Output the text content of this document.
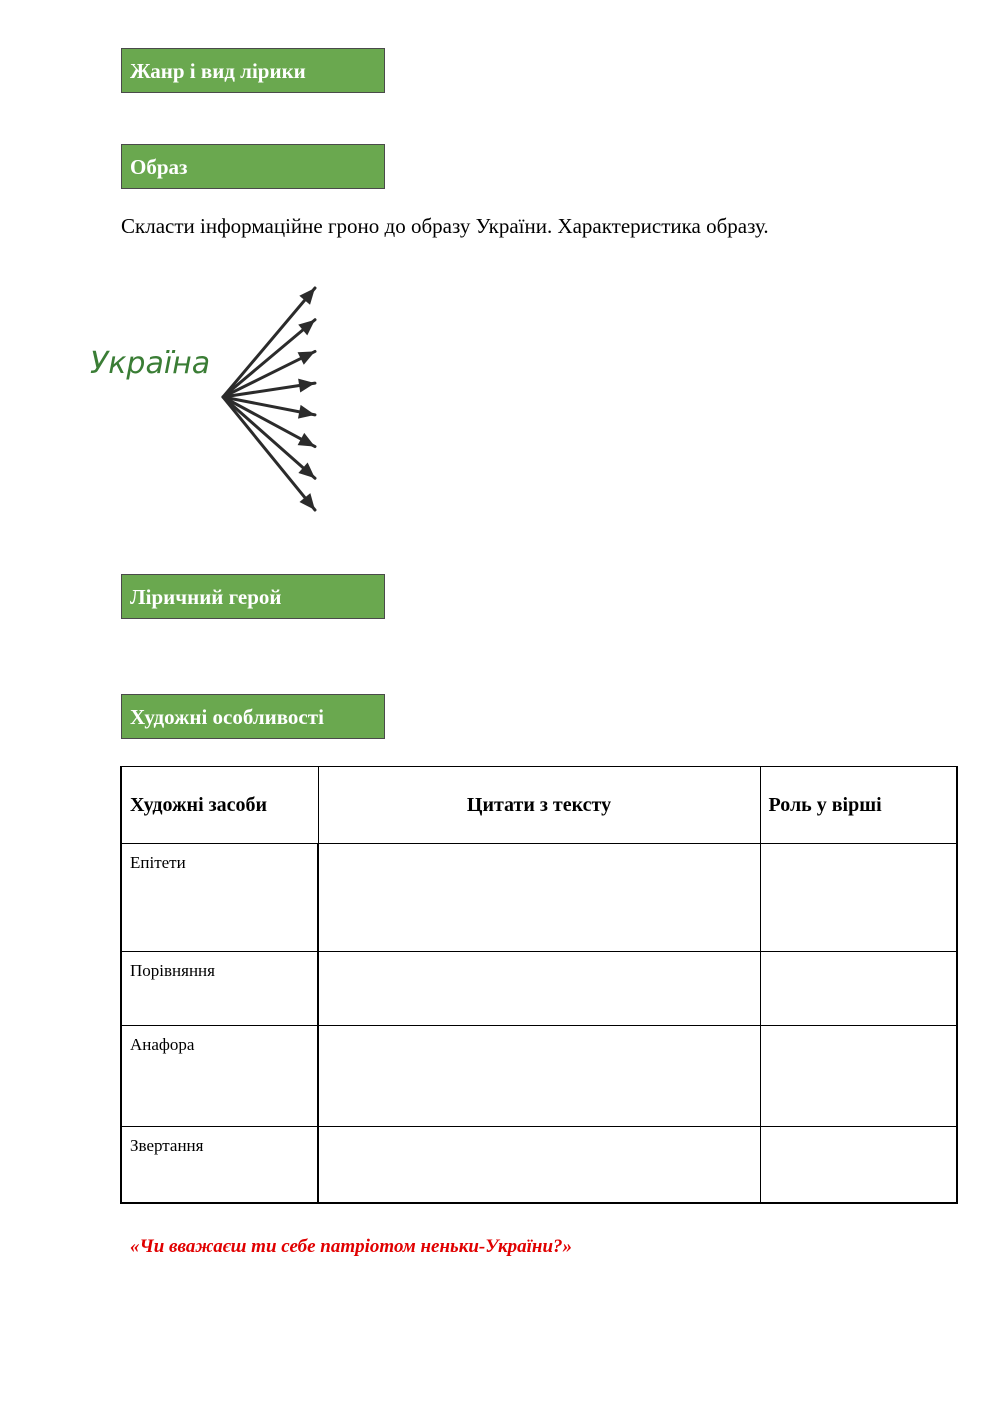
Жанр і вид лірики
Образ
Скласти інформаційне гроно до образу України. Характеристика образу.
Україна
Ліричний герой
Художні особливості
Художні засоби	Цитати з тексту	Роль у вірші
Епітети		
Порівняння		
Анафора		
Звертання		
«Чи вважаєш ти себе патріотом неньки-України?»
